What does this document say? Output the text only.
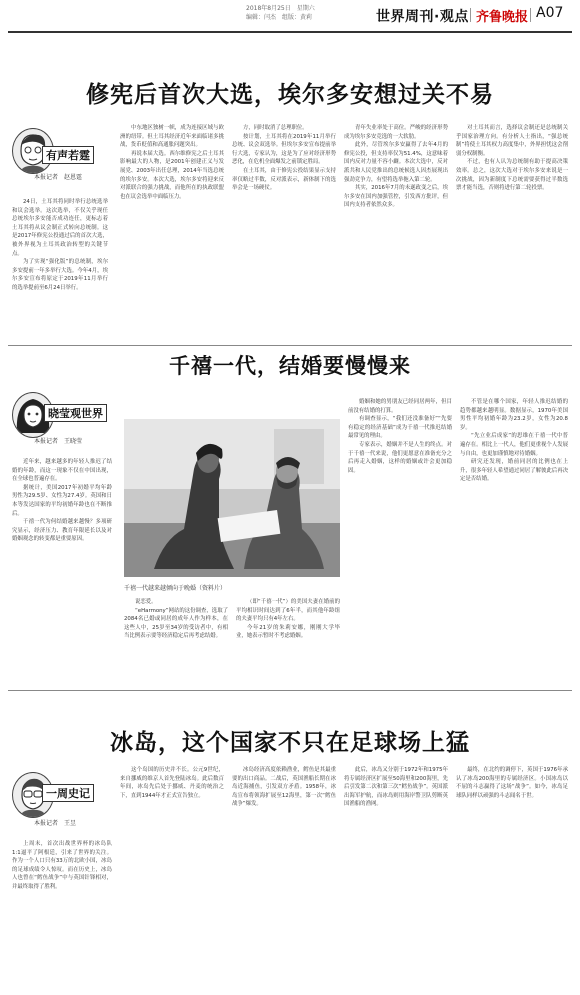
2018年8月25日　星期六
编辑：闫杰　组版：黄莉	世界周刊·观点 齐鲁晚报 A07
修宪后首次大选，埃尔多安想过关不易
有声若霆
本报记者　赵恩霆

24日，土耳其将同时举行总统选举和议会选举。这次选举，不仅关乎现任总统埃尔多安能否成功连任，更标志着土耳其将从议会制正式转向总统制。这是2017年修宪公投通过后的首次大选，被外界视为土耳其政治转型的关键节点。

为了实现“强化版”的总统制，埃尔多安提前一年多举行大选。今年4月，埃尔多安宣布将原定于2019年11月举行的选举提前至6月24日举行。

中东地区独树一帜，成为连接区域与欧洲的纽带。但土耳其经济近年来面临诸多挑战，货币贬值和高通胀问题突出。

再说本届大选。西尔维修宪之后土耳其影响最大的人物，是2001年创建正义与发展党、2003年出任总理，2014年当选总统的埃尔多安。本次大选，埃尔多安将迎来反对派联合的强力挑战，而他所在的执政联盟也在议会选举中面临压力。

方，同时取消了总理职位。

按计划，土耳其将在2019年11月举行总统、议会双选举。但埃尔多安宣布提前举行大选，专家认为，这是为了应对经济形势恶化，在危机全面爆发之前锁定胜局。

在土耳其，由于修宪公投结果显示支持率仅略过半数，反对派表示，新体制下的选举会是一场硬仗。

青年失业率处于高位。严峻的经济形势成为埃尔多安竞选的一大软肋。

此外，尽管埃尔多安赢得了去年4月的修宪公投，但支持率仅为51.4%，这意味着国内反对力量不容小觑。本次大选中，反对派共和人民党推出的总统候选人因杰展现出强劲竞争力，有望将选举拖入第二轮。

其实，2016年7月的未遂政变之后，埃尔多安在国内加强管控，引发西方批评，但国内支持者依然众多。

对土耳其而言，选择议会制还是总统制关乎国家治理方向。有分析人士指出，“强总统制”将使土耳其权力高度集中，外界担忧这会削弱分权制衡。

不过，也有人认为总统制有助于提高决策效率。总之，这次大选对于埃尔多安来说是一次挑战，因为新制度下总统需要获得过半数选票才能当选，否则将进行第二轮投票。

千禧一代，结婚要慢慢来
晓莹观世界
本报记者　王晓莹

近年来，越来越多的年轻人推迟了结婚的年龄，而这一现象不仅在中国出现，在全球也普遍存在。

据统计，美国2017年初婚平均年龄男性为29.5岁、女性为27.4岁。英国和日本等发达国家的平均初婚年龄也在不断推后。

千禧一代为何结婚越来越慢？多项研究显示，经济压力、教育年限延长以及对婚姻观念的转变都是重要原因。

千禧一代越来越倾向于晚婚（资料片）

说恋爱。

“eHarmony”网站的这份调查，选取了2084名已婚或同居的成年人作为样本，在这些人中，25岁至34岁的受访者中，有相当比例表示要等经济稳定后再考虑结婚。

（即“千禧一代”）的美国夫妻在婚前的平均相识时间达到了6年半，而其他年龄组的夫妻平均只有4年左右。

今年21岁的朱莉安娜，刚刚大学毕业，她表示暂时不考虑婚姻。

婚姻和她的男朋友已经同居两年，但目前没有结婚的打算。

有调查显示，“我们还没准备好”“先要有稳定的经济基础”成为千禧一代推迟结婚最常见的理由。

专家表示，婚姻并不是人生的终点。对于千禧一代来说，他们更愿意在准备充分之后再走入婚姻，这样的婚姻或许会更加稳固。

不管是在哪个国家，年轻人推迟结婚的趋势都越来越明显。数据显示，1970年美国男性平均初婚年龄为23.2岁，女性为20.8岁。

“先立业后成家”的思维在千禧一代中普遍存在。相比上一代人，他们更重视个人发展与自由，也更加谨慎地对待婚姻。

研究还发现，婚前同居的比例也在上升，很多年轻人希望通过同居了解彼此后再决定是否结婚。

冰岛，这个国家不只在足球场上猛
一周史记
本报记者　王昱

上周末，首次出战世界杯的冰岛队1:1逼平了阿根廷，引来了世界的关注。作为一个人口只有33万的北欧小国，冰岛的足球成绩令人惊叹。而在历史上，冰岛人也曾在“鳕鱼战争”中与英国针锋相对，并最终取得了胜利。

这个岛国的历史并不长。公元9世纪，来自挪威的维京人首先登陆冰岛。此后数百年间，冰岛先后处于挪威、丹麦的统治之下，直到1944年才正式宣告独立。

冰岛经济高度依赖渔业，鳕鱼是其最重要的出口商品。二战后，英国渔船长期在冰岛近海捕鱼，引发双方矛盾。1958年，冰岛宣布将领海扩展至12海里，第一次“鳕鱼战争”爆发。

此后，冰岛又分别于1972年和1975年将专属经济区扩展至50海里和200海里，先后引发第二次和第三次“鳕鱼战争”。英国派出海军护航，而冰岛则用海岸警卫队剪断英国渔船的渔网。

最终，在北约的调停下，英国于1976年承认了冰岛200海里的专属经济区。小国冰岛以不屈的斗志赢得了这场“战争”。如今，冰岛足球队同样以顽强的斗志闻名于世。
